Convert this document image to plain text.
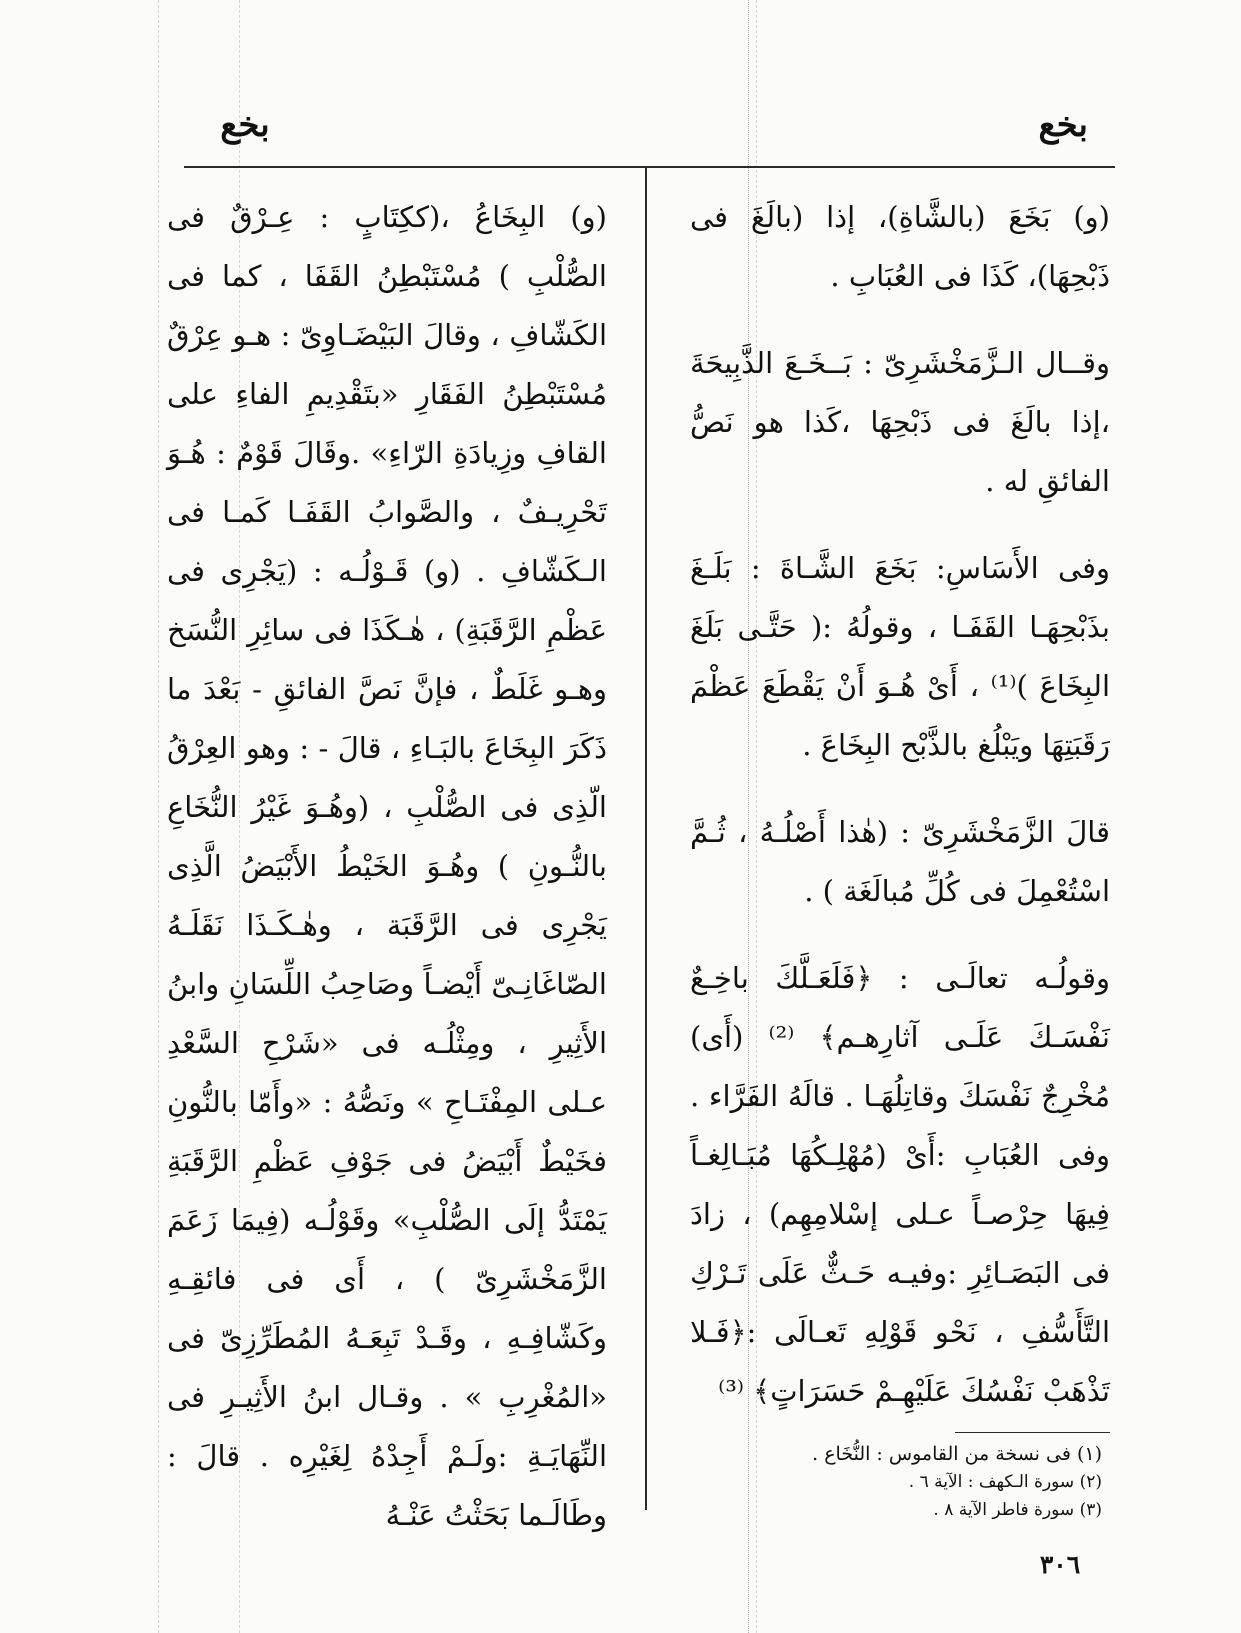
بخع
بخع

(و) بَخَعَ (بالشَّاةِ)، إذا (بالَغَ فى ذَبْحِهَا)، كَذَا فى العُبَابِ .

وقــال الـزَّمَخْشَرِىّ : بَــخَـعَ الذَّبِيحَةَ ،إذا بالَغَ فى ذَبْحِهَا ،كَذا هو نَصُّ الفائقِ له .

وفى الأَسَاسِ: بَخَعَ الشَّـاةَ : بَلَـغَ بذَبْحِهَـا القَفَـا ، وقولُهُ :( حَتَّـى بَلَغَ البِخَاعَ )⁽¹⁾ ، أَىْ هُـوَ أَنْ يَقْطَعَ عَظْمَ رَقَبَتِهَا ويَبْلُغ بالذَّبْح البِخَاعَ .

قالَ الزَّمَخْشَرِىّ : (هٰذا أَصْلُـهُ ، ثُـمَّ اسْتُعْمِلَ فى كُلِّ مُبالَغَة ) .

وقولُـه تعالَـى : ﴿فَلَعَـلَّكَ باخِـعٌ نَفْسَـكَ عَلَـى آثارِهـم﴾ ⁽²⁾ (أَى) مُخْرِجٌ نَفْسَكَ وقاتِلُهَـا . قالَهُ الفَرَّاء . وفى العُبَابِ :أَىْ (مُهْلِـكُهَا مُبَـالِغـاً فِيهَا حِرْصـاً عـلى إسْلامِهِم) ، زادَ فى البَصَـائِرِ :وفيـه حَـثٌّ عَلَى تَـرْكِ التَّأَسُّفِ ، نَحْو قَوْلِهِ تَعـالَى :﴿فَـلا تَذْهَبْ نَفْسُكَ عَلَيْهِـمْ حَسَرَاتٍ﴾ ⁽³⁾

(و) البِخَاعُ ،(ككِتَابٍ : عِـرْقٌ فى الصُّلْبِ ) مُسْتَبْطِنُ القَفَا ، كما فى الكَشّافِ ، وقالَ البَيْضَـاوِىّ : هـو عِرْقٌ مُسْتَبْطِنُ الفَقَارِ «بتَقْدِيمِ الفاءِ على القافِ وزِيادَةِ الرّاءِ» .وقَالَ قَوْمٌ : هُـوَ تَحْرِيـفٌ ، والصَّوابُ القَفَـا كَمـا فى الـكَشّافِ . (و) قَـوْلُـه : (يَجْرِى فى عَظْمِ الرَّقَبَةِ) ، هٰـكَذَا فى سائِرِ النُّسَخ وهـو غَلَطٌ ، فإنَّ نَصَّ الفائقِ - بَعْدَ ما ذَكَرَ البِخَاعَ بالبَـاءِ ، قالَ - : وهو العِرْقُ الّذِى فى الصُّلْبِ ، (وهُـوَ غَيْرُ النُّخَاعِ بالنُّـونِ ) وهُـوَ الخَيْطُ الأَبْيَضُ الَّذِى يَجْرِى فى الرَّقَبَة ، وهٰـكَـذَا نَقَلَـهُ الصّاغَانِـىّ أَيْضـاً وصَاحِبُ اللِّسَانِ وابنُ الأَثِيرِ ، ومِثْلُـه فى «شَرْحِ السَّعْدِ عـلى المِفْتَـاحِ » ونَصُّهُ : «وأَمّا بالنُّونِ فخَيْطٌ أَبْيَضُ فى جَوْفِ عَظْمِ الرَّقَبَةِ يَمْتَدُّ إلَى الصُّلْبِ» وقَوْلُـه (فِيمَا زَعَمَ الزَّمَخْشَرِىّ ) ، أَى فى فائقِـهِ وكَشّافِـهِ ، وقَـدْ تَبِعَـهُ المُطَرِّزِىّ فى «المُغْرِبِ » . وقـال ابنُ الأَثِيـرِ فى النِّهَايَـةِ :ولَـمْ أَجِدْهُ لِغَيْرِه . قالَ : وطَالَـما بَحَثْتُ عَنْـهُ

(١) فى نسخة من القاموس : النُّخَاع .

(٢) سورة الـكهف : الآية ٦ .

(٣) سورة فاطر الآية ٨ .

٣٠٦
